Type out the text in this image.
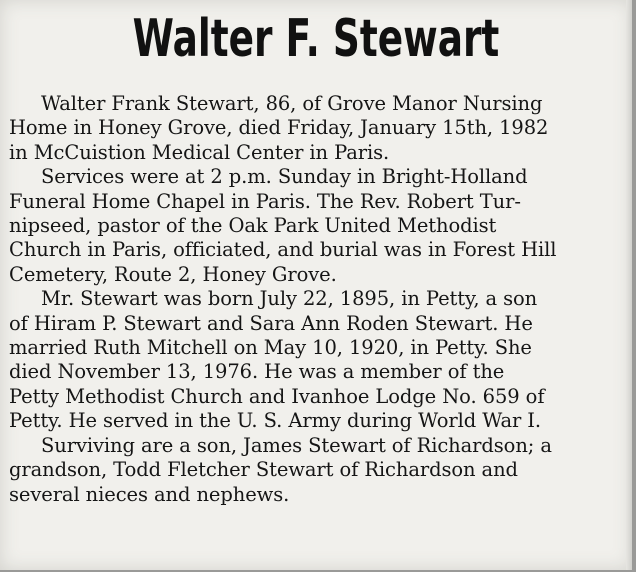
Walter F. Stewart
Walter Frank Stewart, 86, of Grove Manor Nursing
Home in Honey Grove, died Friday, January 15th, 1982
in McCuistion Medical Center in Paris.
Services were at 2 p.m. Sunday in Bright-Holland
Funeral Home Chapel in Paris. The Rev. Robert Tur-
nipseed, pastor of the Oak Park United Methodist
Church in Paris, officiated, and burial was in Forest Hill
Cemetery, Route 2, Honey Grove.
Mr. Stewart was born July 22, 1895, in Petty, a son
of Hiram P. Stewart and Sara Ann Roden Stewart. He
married Ruth Mitchell on May 10, 1920, in Petty. She
died November 13, 1976. He was a member of the
Petty Methodist Church and Ivanhoe Lodge No. 659 of
Petty. He served in the U. S. Army during World War I.
Surviving are a son, James Stewart of Richardson; a
grandson, Todd Fletcher Stewart of Richardson and
several nieces and nephews.
